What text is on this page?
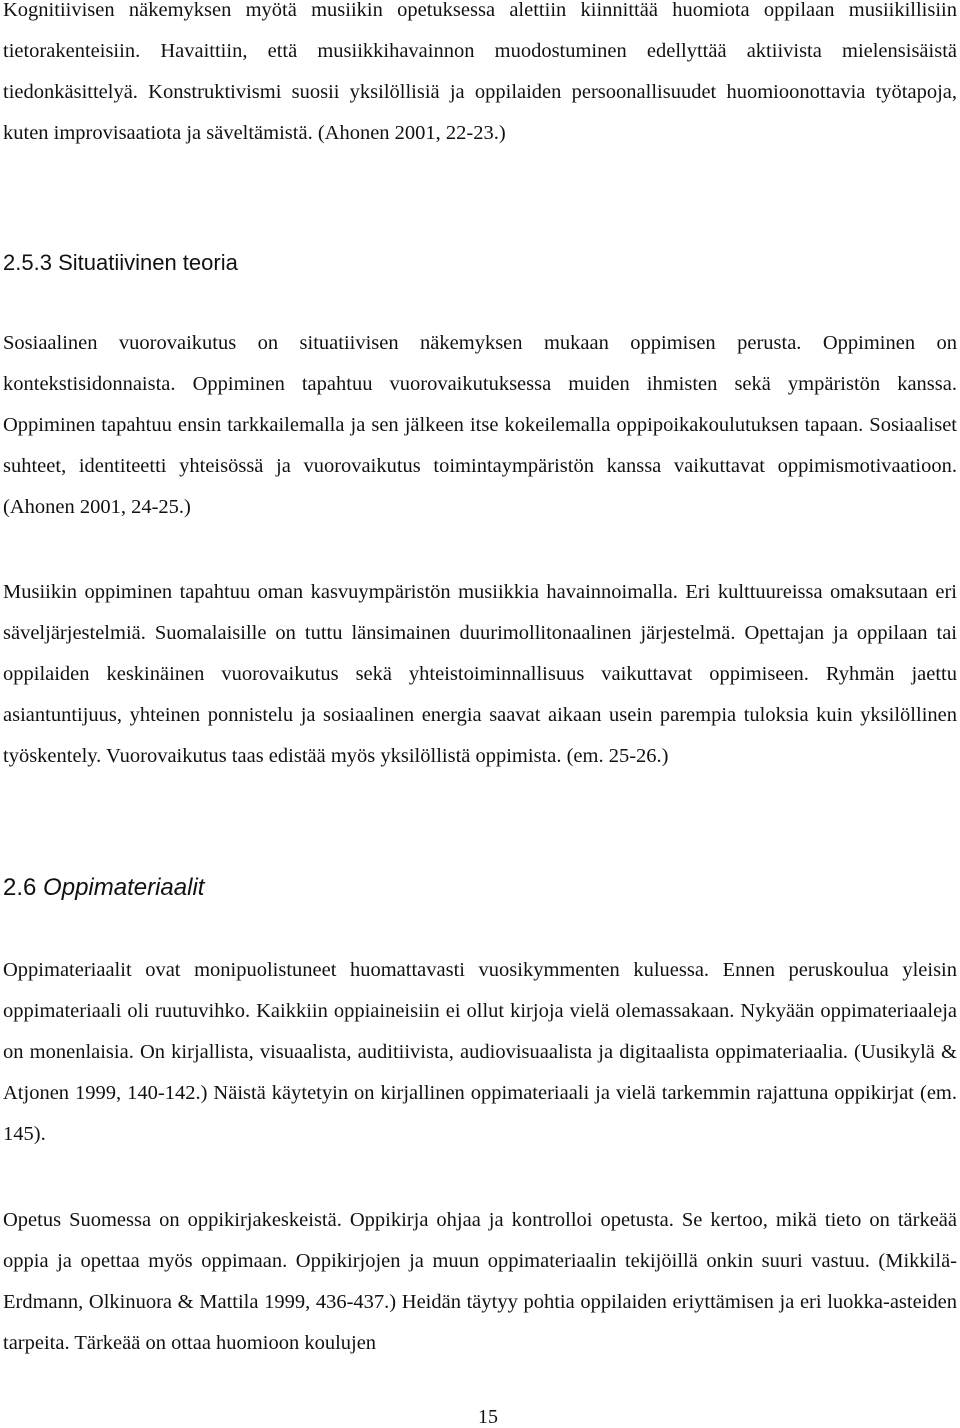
Kognitiivisen näkemyksen myötä musiikin opetuksessa alettiin kiinnittää huomiota oppilaan musiikillisiin tietorakenteisiin. Havaittiin, että musiikkihavainnon muodostuminen edellyttää aktiivista mielensisäistä tiedonkäsittelyä. Konstruktivismi suosii yksilöllisiä ja oppilaiden persoonallisuudet huomioonottavia työtapoja, kuten improvisaatiota ja säveltämistä. (Ahonen 2001, 22-23.)

2.5.3 Situatiivinen teoria

Sosiaalinen vuorovaikutus on situatiivisen näkemyksen mukaan oppimisen perusta. Oppiminen on kontekstisidonnaista. Oppiminen tapahtuu vuorovaikutuksessa muiden ihmisten sekä ympäristön kanssa. Oppiminen tapahtuu ensin tarkkailemalla ja sen jälkeen itse kokeilemalla oppipoikakoulutuksen tapaan. Sosiaaliset suhteet, identiteetti yhteisössä ja vuorovaikutus toimintaympäristön kanssa vaikuttavat oppimismotivaatioon. (Ahonen 2001, 24-25.)

Musiikin oppiminen tapahtuu oman kasvuympäristön musiikkia havainnoimalla. Eri kulttuureissa omaksutaan eri säveljärjestelmiä. Suomalaisille on tuttu länsimainen duurimollitonaalinen järjestelmä. Opettajan ja oppilaan tai oppilaiden keskinäinen vuorovaikutus sekä yhteistoiminnallisuus vaikuttavat oppimiseen. Ryhmän jaettu asiantuntijuus, yhteinen ponnistelu ja sosiaalinen energia saavat aikaan usein parempia tuloksia kuin yksilöllinen työskentely. Vuorovaikutus taas edistää myös yksilöllistä oppimista. (em. 25-26.)

2.6 Oppimateriaalit

Oppimateriaalit ovat monipuolistuneet huomattavasti vuosikymmenten kuluessa. Ennen peruskoulua yleisin oppimateriaali oli ruutuvihko. Kaikkiin oppiaineisiin ei ollut kirjoja vielä olemassakaan. Nykyään oppimateriaaleja on monenlaisia. On kirjallista, visuaalista, auditiivista, audiovisuaalista ja digitaalista oppimateriaalia. (Uusikylä & Atjonen 1999, 140-142.) Näistä käytetyin on kirjallinen oppimateriaali ja vielä tarkemmin rajattuna oppikirjat (em. 145).

Opetus Suomessa on oppikirjakeskeistä. Oppikirja ohjaa ja kontrolloi opetusta. Se kertoo, mikä tieto on tärkeää oppia ja opettaa myös oppimaan. Oppikirjojen ja muun oppimateriaalin tekijöillä onkin suuri vastuu. (Mikkilä-Erdmann, Olkinuora & Mattila 1999, 436-437.) Heidän täytyy pohtia oppilaiden eriyttämisen ja eri luokka-asteiden tarpeita. Tärkeää on ottaa huomioon koulujen

15
